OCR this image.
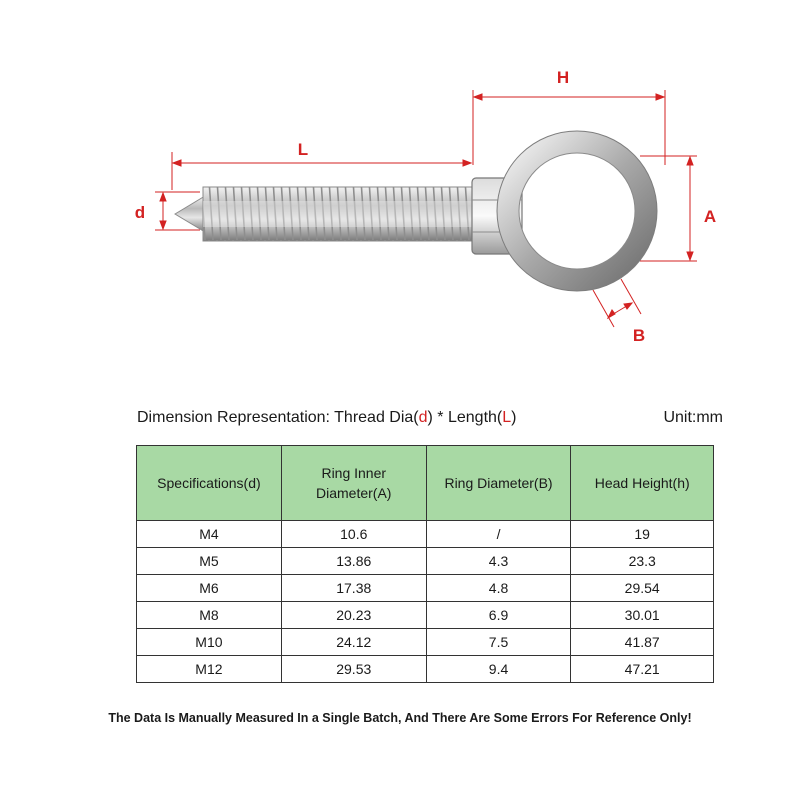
H
L
d	A
B
Dimension Representation: Thread Dia(d) * Length(L)	Unit:mm
Specifications(d)	Ring Inner Diameter(A)	Ring Diameter(B)	Head Height(h)
M4	10.6	/	19
M5	13.86	4.3	23.3
M6	17.38	4.8	29.54
M8	20.23	6.9	30.01
M10	24.12	7.5	41.87
M12	29.53	9.4	47.21
The Data Is Manually Measured In a Single Batch, And There Are Some Errors For Reference Only!
